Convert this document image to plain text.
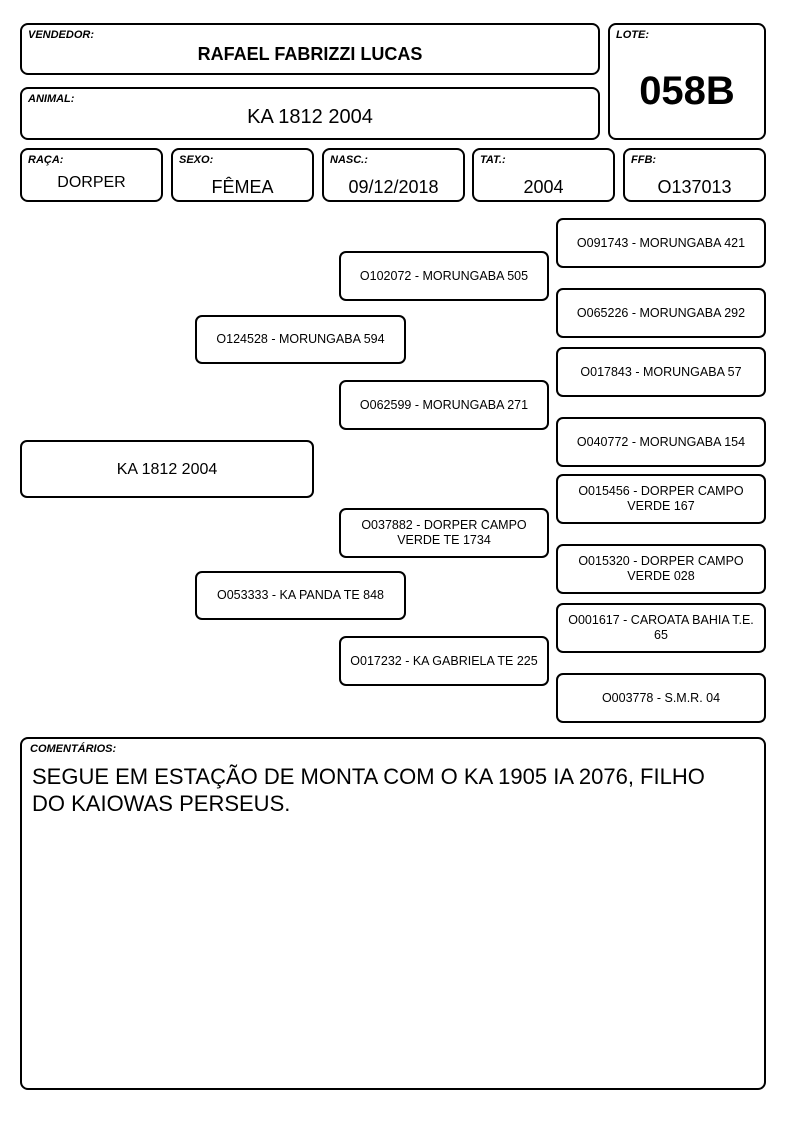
VENDEDOR:
RAFAEL FABRIZZI LUCAS
LOTE:
058B
ANIMAL:
KA 1812 2004
RAÇA:
DORPER
SEXO:
FÊMEA
NASC.:
09/12/2018
TAT.:
2004
FFB:
O137013
KA 1812 2004
O124528 - MORUNGABA 594
O053333 - KA PANDA TE 848
O102072 - MORUNGABA 505
O062599 - MORUNGABA 271
O037882 - DORPER CAMPO VERDE TE 1734
O017232 - KA GABRIELA TE 225
O091743 - MORUNGABA 421
O065226 - MORUNGABA 292
O017843 - MORUNGABA 57
O040772 - MORUNGABA 154
O015456 - DORPER CAMPO VERDE 167
O015320 - DORPER CAMPO VERDE 028
O001617 - CAROATA BAHIA T.E. 65
O003778 - S.M.R. 04
COMENTÁRIOS:
SEGUE EM ESTAÇÃO DE MONTA COM O KA 1905 IA 2076, FILHO DO KAIOWAS PERSEUS.
